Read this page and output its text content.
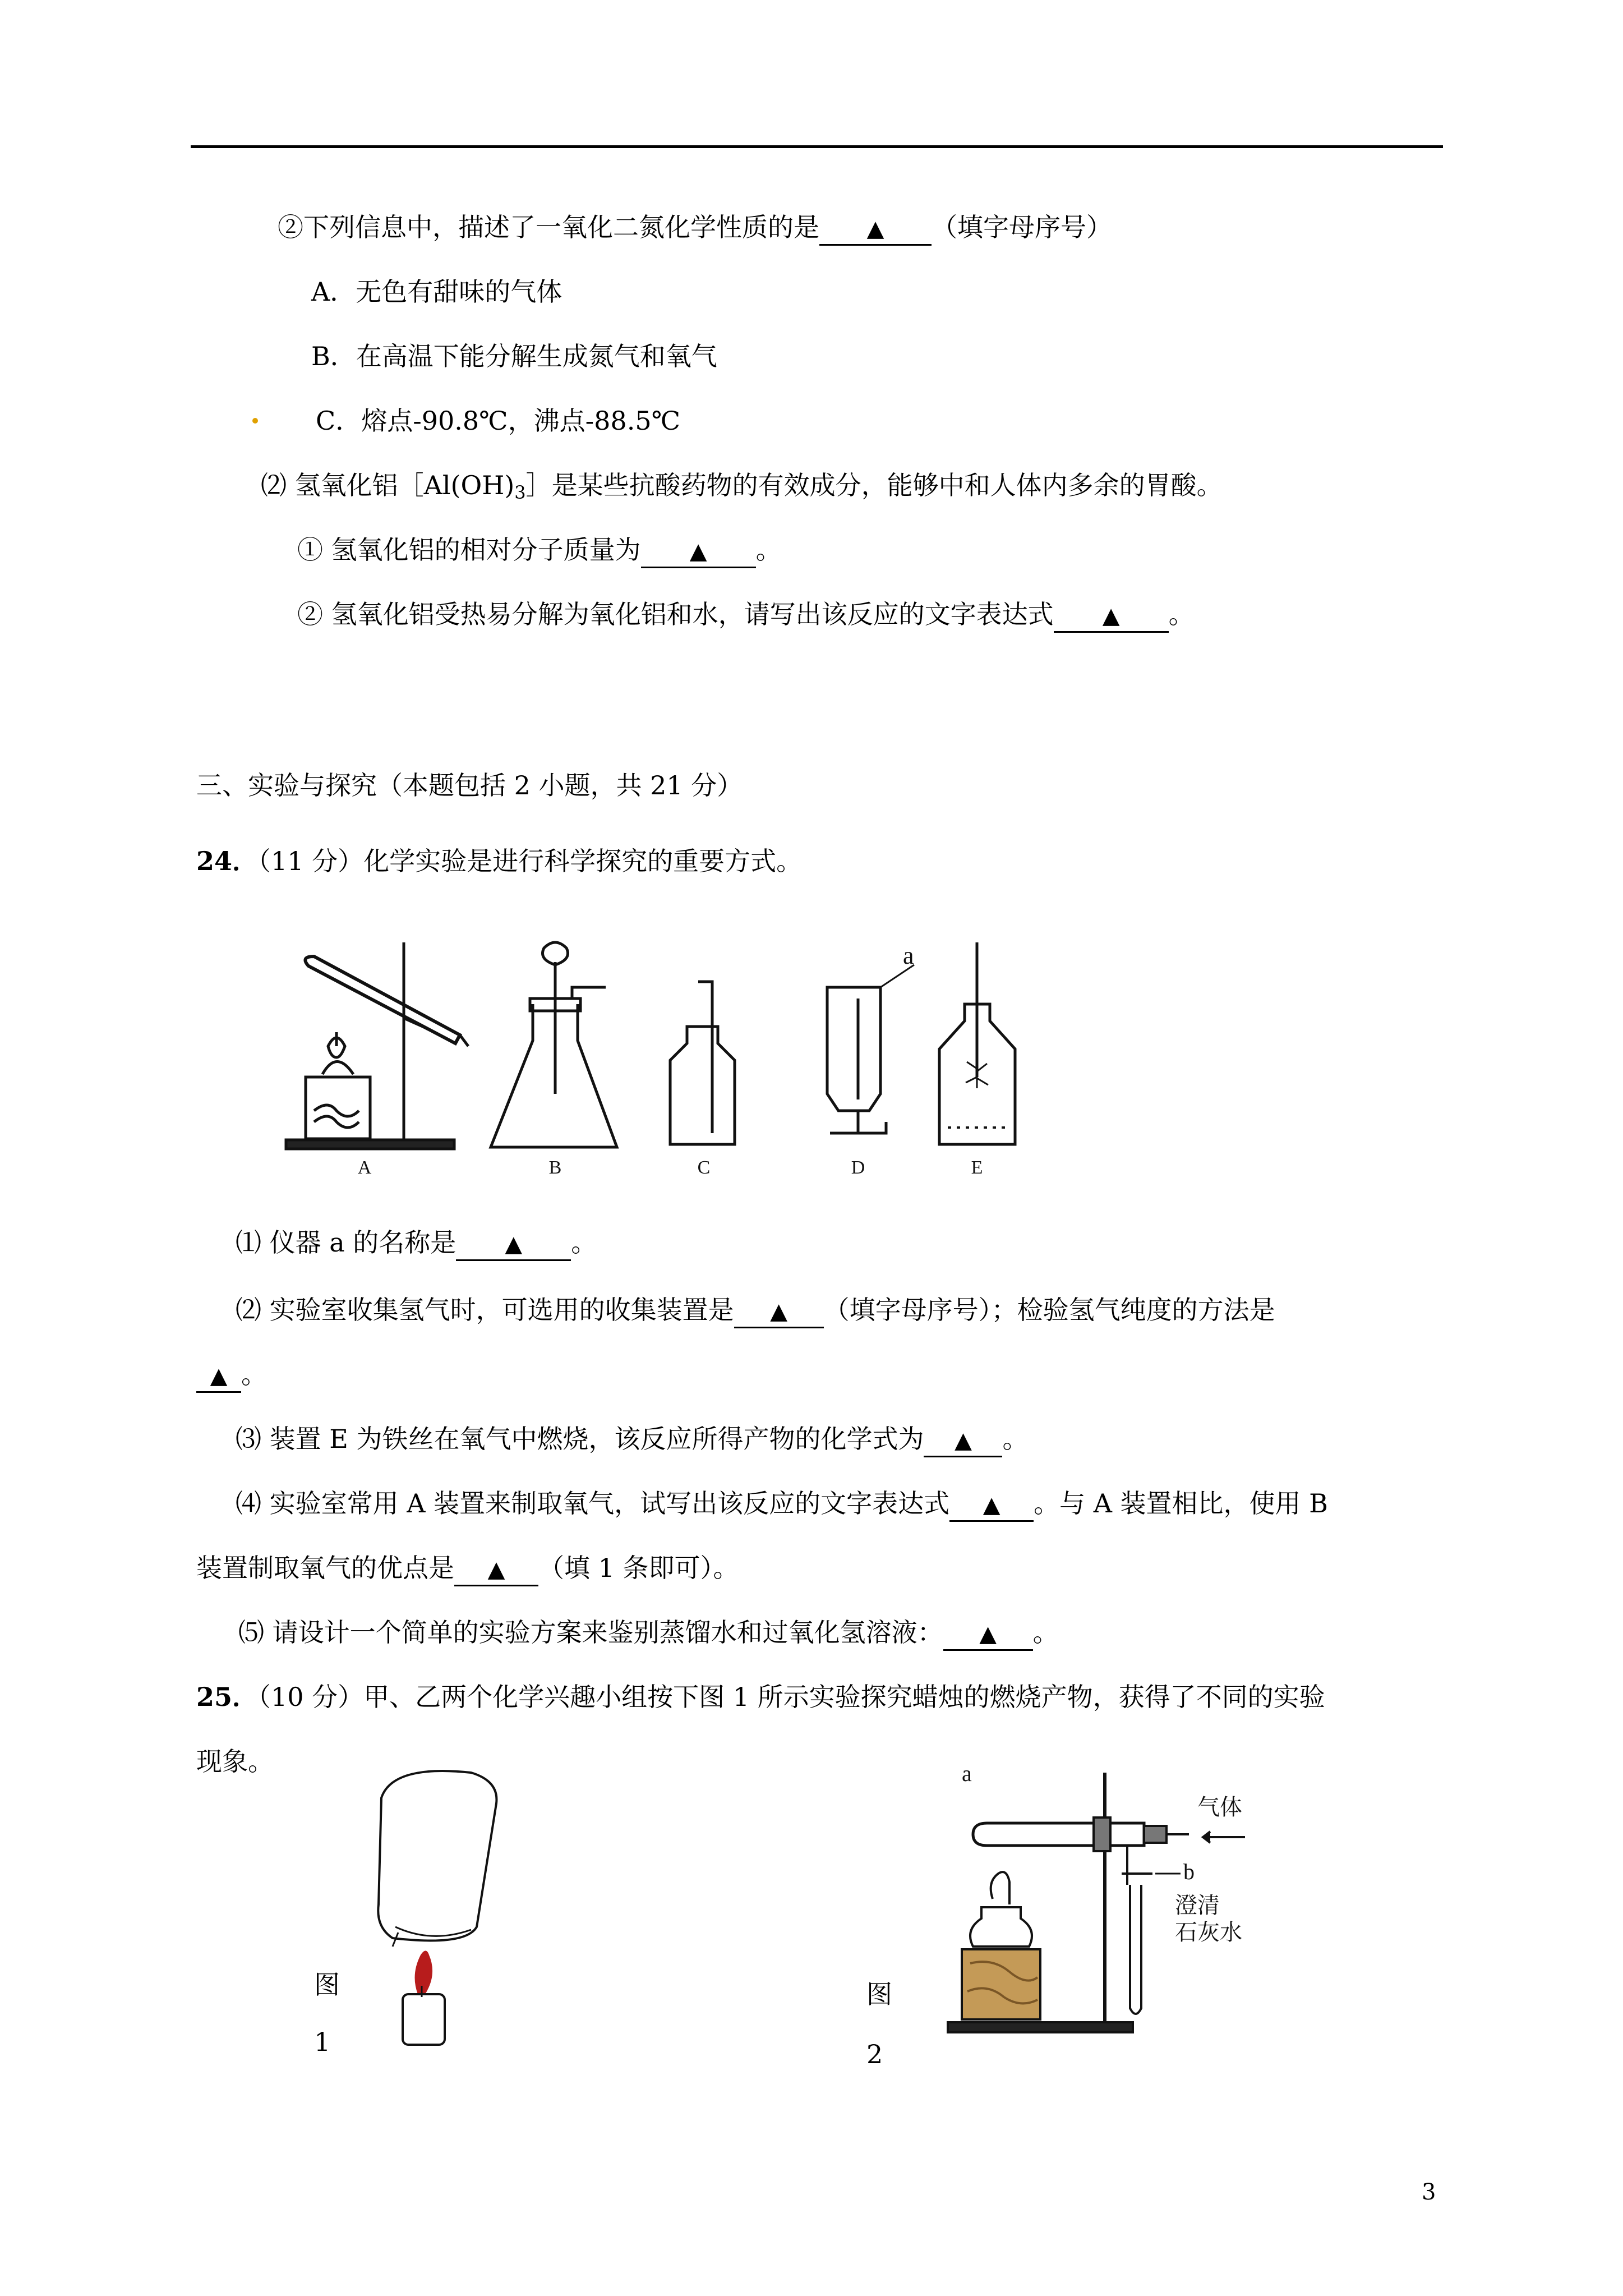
②下列信息中，描述了一氧化二氮化学性质的是 ▲ （填字母序号）
A．无色有甜味的气体
B．在高温下能分解生成氮气和氧气
C．熔点-90.8℃，沸点-88.5℃
⑵ 氢氧化铝$[Al(OH)_3]$是某些抗酸药物的有效成分，能够中和人体内多余的胃酸。
① 氢氧化铝的相对分子质量为 ▲ 。
② 氢氧化铝受热易分解为氧化铝和水，请写出该反应的文字表达式 ▲ 。
三、实验与探究（本题包括 2 小题，共 21 分）
24．（11 分）化学实验是进行科学探究的重要方式。
a
A	B	C	D	E
⑴ 仪器 a 的名称是 ▲ 。
⑵ 实验室收集氢气时，可选用的收集装置是 ▲ （填字母序号）；检验氢气纯度的方法是
▲ 。
⑶ 装置 E 为铁丝在氧气中燃烧，该反应所得产物的化学式为 ▲ 。
⑷ 实验室常用 A 装置来制取氧气，试写出该反应的文字表达式 ▲ 。与 A 装置相比，使用 B
装置制取氧气的优点是 ▲ （填 1 条即可）。
⑸ 请设计一个简单的实验方案来鉴别蒸馏水和过氧化氢溶液： ▲ 。
25．（10 分）甲、乙两个化学兴趣小组按下图 1 所示实验探究蜡烛的燃烧产物，获得了不同的实验
现象。
图
1
a
b
气体
澄清
石灰水
图
2
3
